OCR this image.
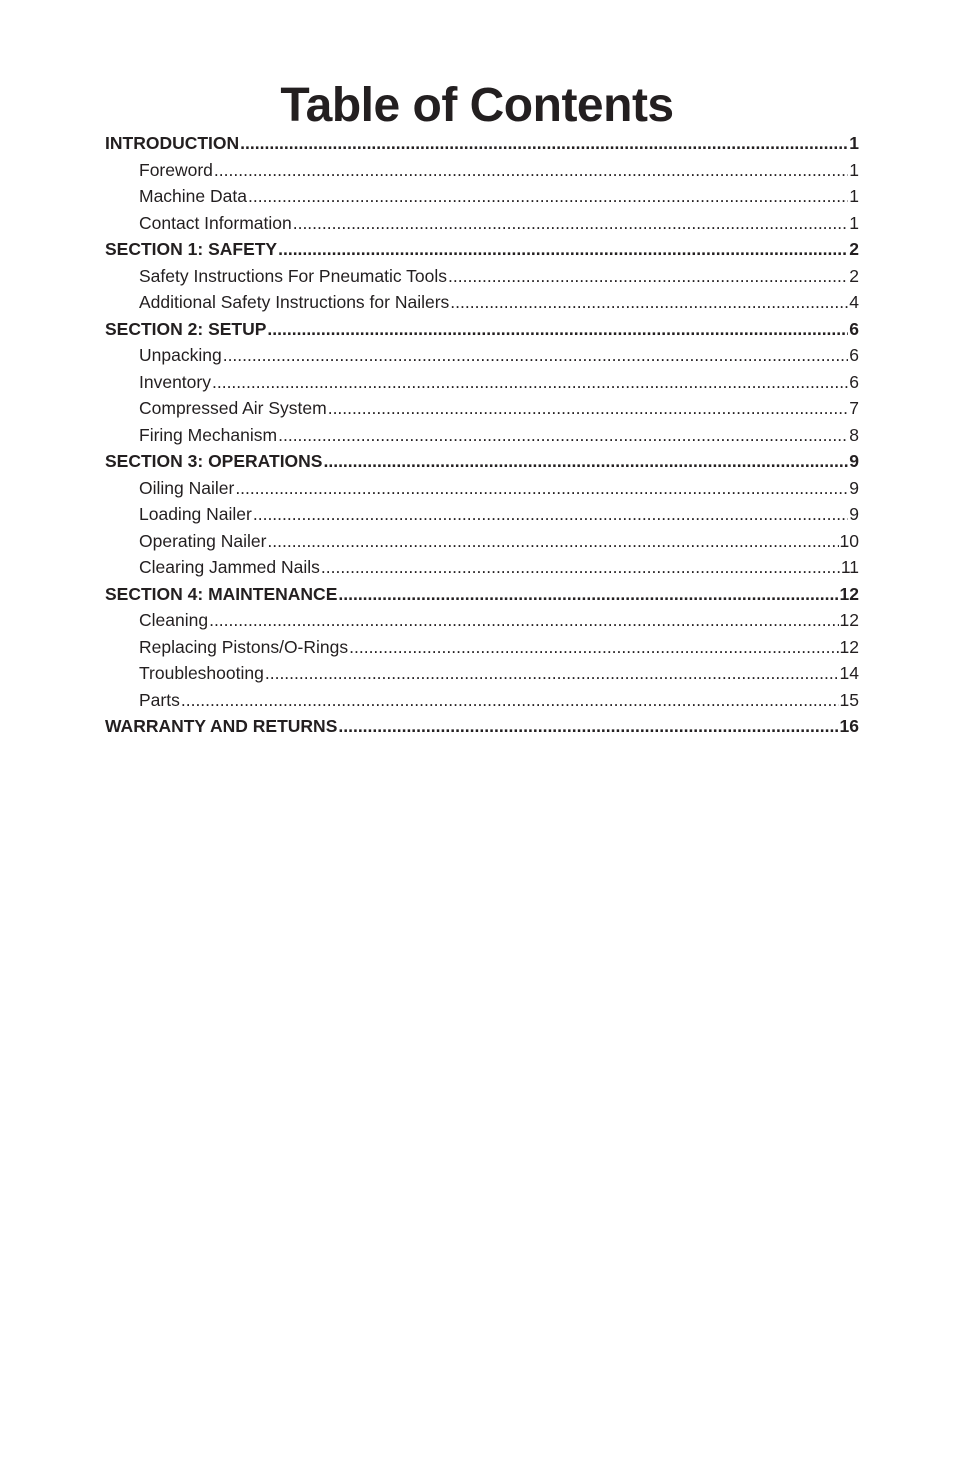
Table of Contents
INTRODUCTION .....	1
Foreword .....	1
Machine Data .....	1
Contact Information .....	1
SECTION 1: SAFETY .....	2
Safety Instructions For Pneumatic Tools .....	2
Additional Safety Instructions for Nailers .....	4
SECTION 2: SETUP .....	6
Unpacking .....	6
Inventory .....	6
Compressed Air System .....	7
Firing Mechanism .....	8
SECTION 3: OPERATIONS .....	9
Oiling Nailer .....	9
Loading Nailer .....	9
Operating Nailer .....	10
Clearing Jammed Nails .....	11
SECTION 4: MAINTENANCE .....	12
Cleaning .....	12
Replacing Pistons/O-Rings .....	12
Troubleshooting .....	14
Parts .....	15
WARRANTY AND RETURNS .....	16
